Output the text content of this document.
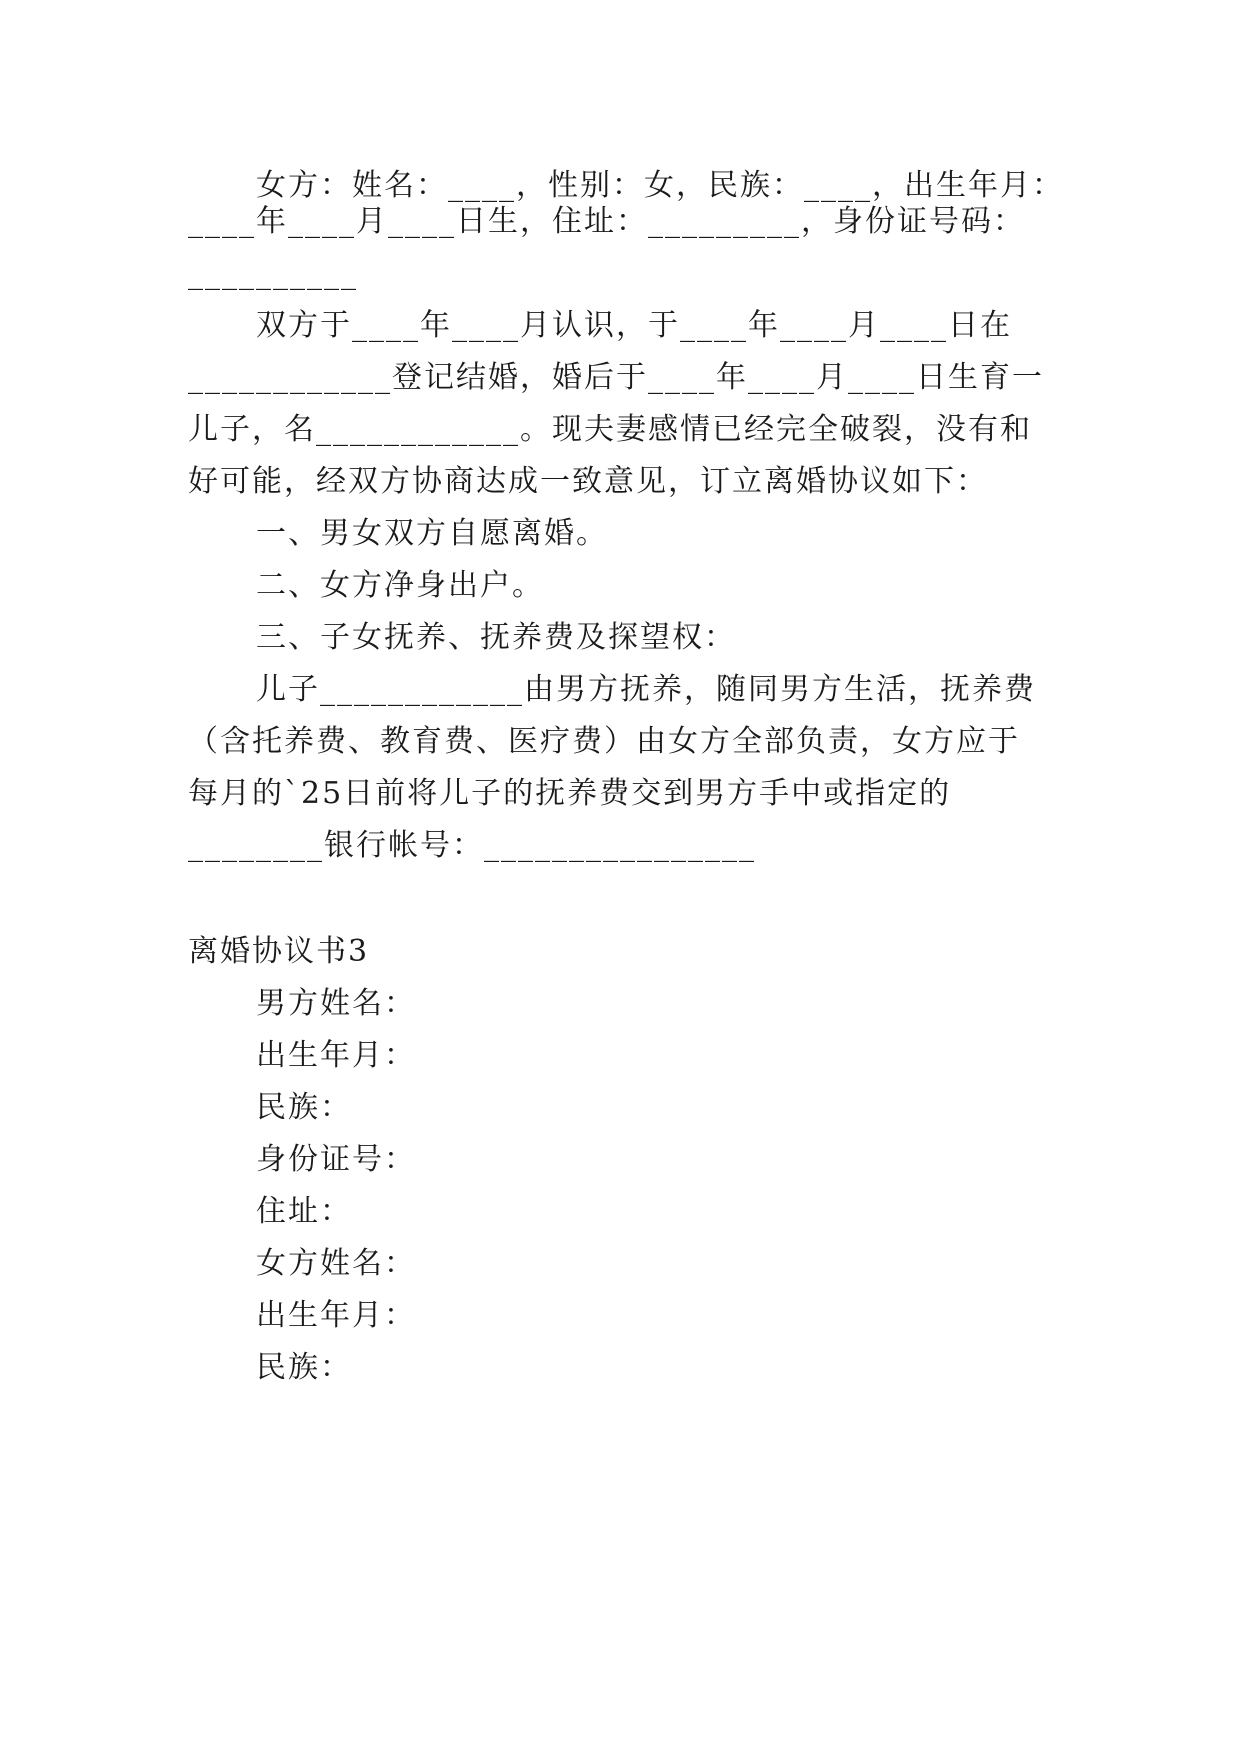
女方：姓名：____，性别：女，民族：____，出生年月：
____年____月____日生，住址：_________，身份证号码：
__________
双方于____年____月认识，于____年____月____日在
____________登记结婚，婚后于____年____月____日生育一
儿子，名____________。现夫妻感情已经完全破裂，没有和
好可能，经双方协商达成一致意见，订立离婚协议如下：
一、男女双方自愿离婚。
二、女方净身出户。
三、子女抚养、抚养费及探望权：
儿子____________由男方抚养，随同男方生活，抚养费
（含托养费、教育费、医疗费）由女方全部负责，女方应于
每月的`25日前将儿子的抚养费交到男方手中或指定的
________银行帐号：________________
离婚协议书3
男方姓名：
出生年月：
民族：
身份证号：
住址：
女方姓名：
出生年月：
民族：
